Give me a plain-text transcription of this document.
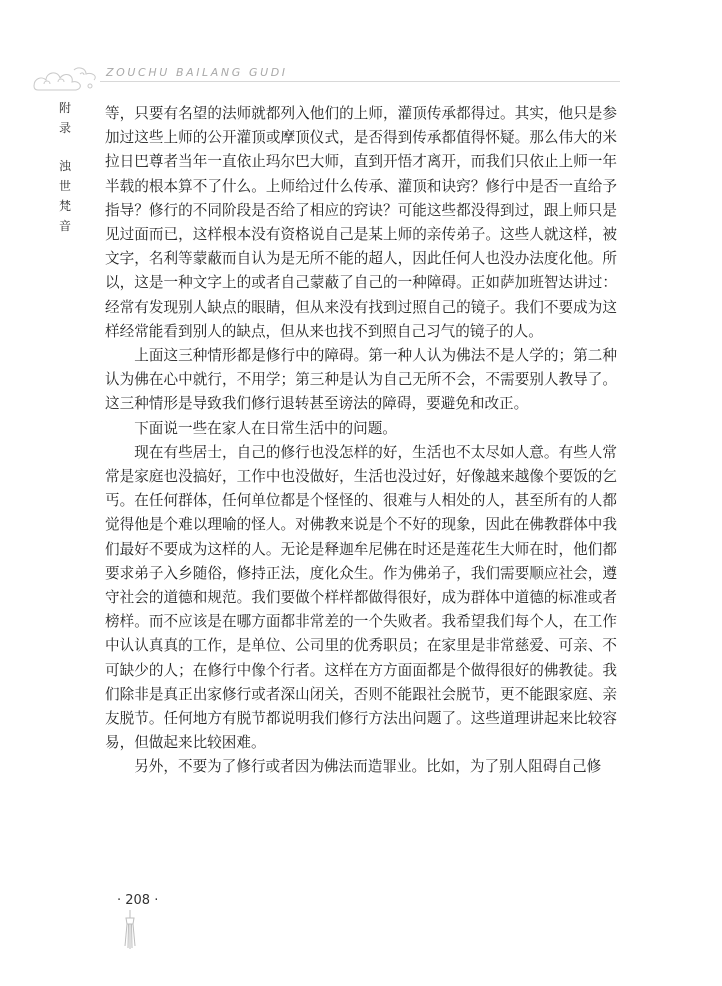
ZOUCHU BAILANG GUDI
附
录
浊
世
梵
音

等，只要有名望的法师就都列入他们的上师，灌顶传承都得过。其实，他只是参加过这些上师的公开灌顶或摩顶仪式，是否得到传承都值得怀疑。那么伟大的米拉日巴尊者当年一直依止玛尔巴大师，直到开悟才离开，而我们只依止上师一年半载的根本算不了什么。上师给过什么传承、灌顶和诀窍？修行中是否一直给予指导？修行的不同阶段是否给了相应的窍诀？可能这些都没得到过，跟上师只是见过面而已，这样根本没有资格说自己是某上师的亲传弟子。这些人就这样，被文字，名利等蒙蔽而自认为是无所不能的超人，因此任何人也没办法度化他。所以，这是一种文字上的或者自己蒙蔽了自己的一种障碍。正如萨加班智达讲过：经常有发现别人缺点的眼睛，但从来没有找到过照自己的镜子。我们不要成为这样经常能看到别人的缺点，但从来也找不到照自己习气的镜子的人。

上面这三种情形都是修行中的障碍。第一种人认为佛法不是人学的；第二种认为佛在心中就行，不用学；第三种是认为自己无所不会，不需要别人教导了。这三种情形是导致我们修行退转甚至谤法的障碍，要避免和改正。

下面说一些在家人在日常生活中的问题。

现在有些居士，自己的修行也没怎样的好，生活也不太尽如人意。有些人常常是家庭也没搞好，工作中也没做好，生活也没过好，好像越来越像个要饭的乞丐。在任何群体，任何单位都是个怪怪的、很难与人相处的人，甚至所有的人都觉得他是个难以理喻的怪人。对佛教来说是个不好的现象，因此在佛教群体中我们最好不要成为这样的人。无论是释迦牟尼佛在时还是莲花生大师在时，他们都要求弟子入乡随俗，修持正法，度化众生。作为佛弟子，我们需要顺应社会，遵守社会的道德和规范。我们要做个样样都做得很好，成为群体中道德的标准或者榜样。而不应该是在哪方面都非常差的一个失败者。我希望我们每个人，在工作中认认真真的工作，是单位、公司里的优秀职员；在家里是非常慈爱、可亲、不可缺少的人；在修行中像个行者。这样在方方面面都是个做得很好的佛教徒。我们除非是真正出家修行或者深山闭关，否则不能跟社会脱节，更不能跟家庭、亲友脱节。任何地方有脱节都说明我们修行方法出问题了。这些道理讲起来比较容易，但做起来比较困难。

另外，不要为了修行或者因为佛法而造罪业。比如，为了别人阻碍自己修

· 208 ·
